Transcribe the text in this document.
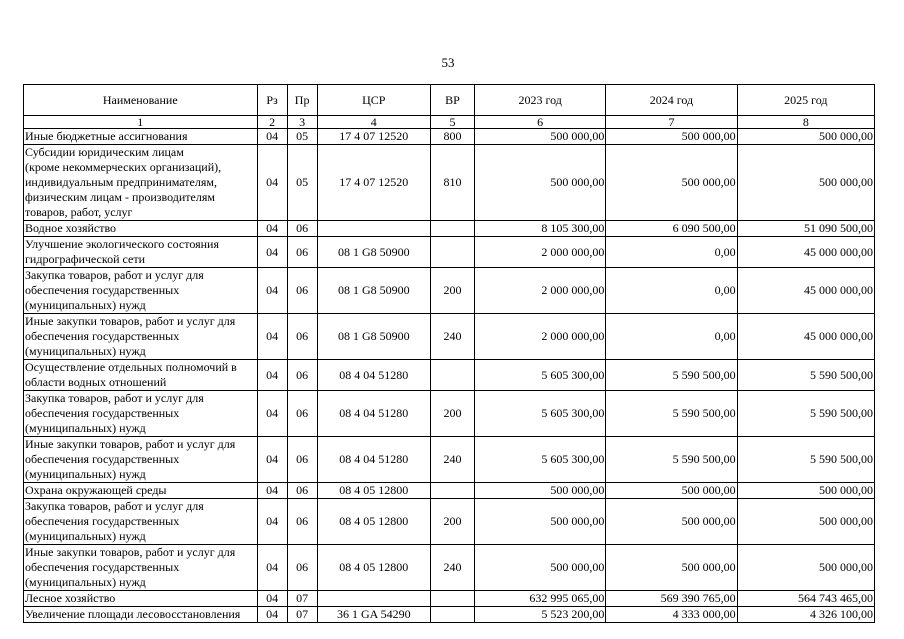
53
Наименование	Рз	Пр	ЦСР	ВР	2023 год	2024 год	2025 год
1	2	3	4	5	6	7	8

Иные бюджетные ассигнования	04	05	17 4 07 12520	800	500 000,00	500 000,00	500 000,00

Субсидии юридическим лицам
(кроме некоммерческих организаций),
индивидуальным предпринимателям,
физическим лицам - производителям
товаров, работ, услуг	04	05	17 4 07 12520	810	500 000,00	500 000,00	500 000,00

Водное хозяйство	04	06			8 105 300,00	6 090 500,00	51 090 500,00

Улучшение экологического состояния
гидрографической сети	04	06	08 1 G8 50900		2 000 000,00	0,00	45 000 000,00

Закупка товаров, работ и услуг для
обеспечения государственных
(муниципальных) нужд	04	06	08 1 G8 50900	200	2 000 000,00	0,00	45 000 000,00

Иные закупки товаров, работ и услуг для
обеспечения государственных
(муниципальных) нужд	04	06	08 1 G8 50900	240	2 000 000,00	0,00	45 000 000,00

Осуществление отдельных полномочий в
области водных отношений	04	06	08 4 04 51280		5 605 300,00	5 590 500,00	5 590 500,00

Закупка товаров, работ и услуг для
обеспечения государственных
(муниципальных) нужд	04	06	08 4 04 51280	200	5 605 300,00	5 590 500,00	5 590 500,00

Иные закупки товаров, работ и услуг для
обеспечения государственных
(муниципальных) нужд	04	06	08 4 04 51280	240	5 605 300,00	5 590 500,00	5 590 500,00

Охрана окружающей среды	04	06	08 4 05 12800		500 000,00	500 000,00	500 000,00

Закупка товаров, работ и услуг для
обеспечения государственных
(муниципальных) нужд	04	06	08 4 05 12800	200	500 000,00	500 000,00	500 000,00

Иные закупки товаров, работ и услуг для
обеспечения государственных
(муниципальных) нужд	04	06	08 4 05 12800	240	500 000,00	500 000,00	500 000,00

Лесное хозяйство	04	07			632 995 065,00	569 390 765,00	564 743 465,00

Увеличение площади лесовосстановления	04	07	36 1 GA 54290		5 523 200,00	4 333 000,00	4 326 100,00
